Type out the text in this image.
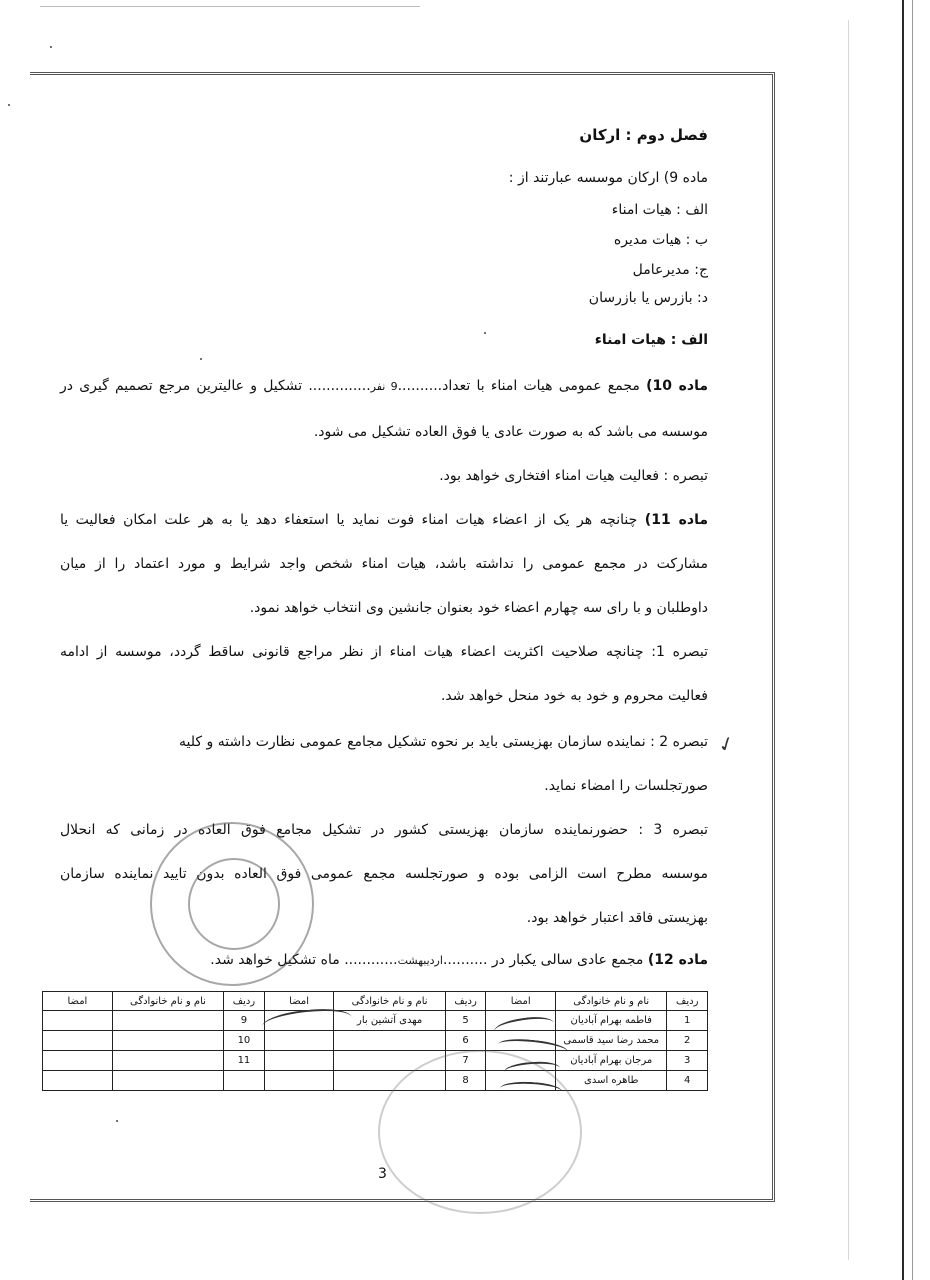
فصل دوم : ارکان
ماده 9) ارکان موسسه عبارتند از :
الف : هیات امناء
ب : هیات مدیره
ج: مدیرعامل
د: بازرس یا بازرسان
الف : هیات امناء
ماده 10) مجمع عمومی هیات امناء با تعداد..........9 نفر.............. تشکیل و عالیترین مرجع تصمیم گیری در
موسسه می باشد که به صورت عادی یا فوق العاده تشکیل می شود.
تبصره : فعالیت هیات امناء افتخاری خواهد بود.
ماده 11) چنانچه هر یک از اعضاء هیات امناء فوت نماید یا استعفاء دهد یا به هر علت امکان فعالیت یا
مشارکت در مجمع عمومی را نداشته باشد، هیات امناء شخص واجد شرایط و مورد اعتماد را از میان
داوطلبان و با رای سه چهارم اعضاء خود بعنوان جانشین وی انتخاب خواهد نمود.
تبصره 1: چنانچه صلاحیت اکثریت اعضاء هیات امناء از نظر مراجع قانونی ساقط گردد، موسسه از ادامه
فعالیت محروم و خود به خود منحل خواهد شد.
تبصره 2 : نماینده سازمان بهزیستی باید بر نحوه تشکیل مجامع عمومی نظارت داشته و کلیه
صورتجلسات را امضاء نماید.
تبصره 3 : حضورنماینده سازمان بهزیستی کشور در تشکیل مجامع فوق العاده در زمانی که انحلال
موسسه مطرح است الزامی بوده و صورتجلسه مجمع عمومی فوق العاده بدون تایید نماینده سازمان
بهزیستی فاقد اعتبار خواهد بود.
ماده 12) مجمع عادی سالی یکبار در ..........اردیبهشت............ ماه تشکیل خواهد شد.
✓
ردیف	نام و نام خانوادگی	امضا	ردیف	نام و نام خانوادگی	امضا	ردیف	نام و نام خانوادگی	امضا
1	فاطمه بهرام آبادیان		5	مهدی آتشین بار		9		
2	محمد رضا سید قاسمی		6			10		
3	مرجان بهرام آبادیان		7			11		
4	طاهره اسدی		8					
3
